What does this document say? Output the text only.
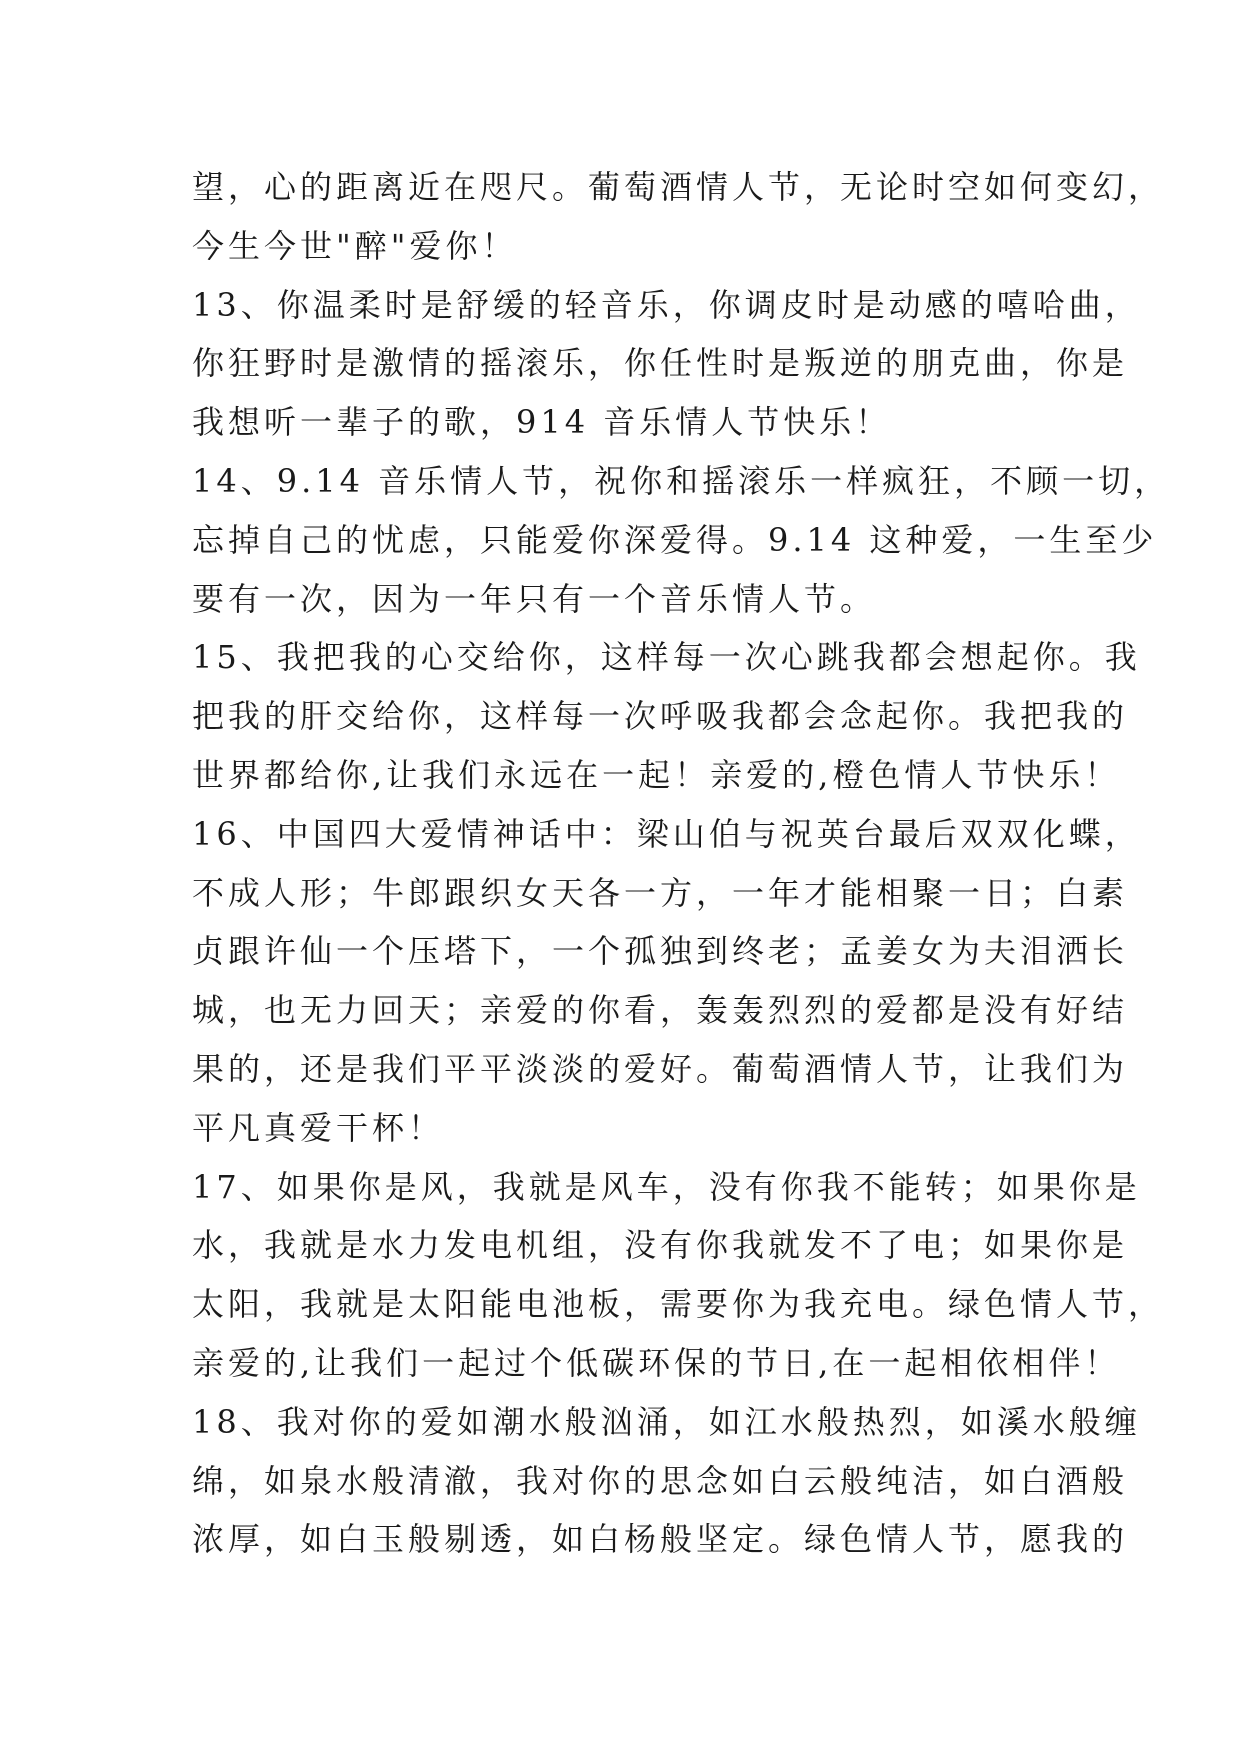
望，心的距离近在咫尺。葡萄酒情人节，无论时空如何变幻，
今生今世"醉"爱你！
13、你温柔时是舒缓的轻音乐，你调皮时是动感的嘻哈曲，
你狂野时是激情的摇滚乐，你任性时是叛逆的朋克曲，你是
我想听一辈子的歌，914 音乐情人节快乐！
14、9.14 音乐情人节，祝你和摇滚乐一样疯狂，不顾一切，
忘掉自己的忧虑，只能爱你深爱得。9.14 这种爱，一生至少
要有一次，因为一年只有一个音乐情人节。
15、我把我的心交给你，这样每一次心跳我都会想起你。我
把我的肝交给你，这样每一次呼吸我都会念起你。我把我的
世界都给你,让我们永远在一起！亲爱的,橙色情人节快乐！
16、中国四大爱情神话中：梁山伯与祝英台最后双双化蝶，
不成人形；牛郎跟织女天各一方，一年才能相聚一日；白素
贞跟许仙一个压塔下，一个孤独到终老；孟姜女为夫泪洒长
城，也无力回天；亲爱的你看，轰轰烈烈的爱都是没有好结
果的，还是我们平平淡淡的爱好。葡萄酒情人节，让我们为
平凡真爱干杯！
17、如果你是风，我就是风车，没有你我不能转；如果你是
水，我就是水力发电机组，没有你我就发不了电；如果你是
太阳，我就是太阳能电池板，需要你为我充电。绿色情人节，
亲爱的,让我们一起过个低碳环保的节日,在一起相依相伴！
18、我对你的爱如潮水般汹涌，如江水般热烈，如溪水般缠
绵，如泉水般清澈，我对你的思念如白云般纯洁，如白酒般
浓厚，如白玉般剔透，如白杨般坚定。绿色情人节，愿我的
